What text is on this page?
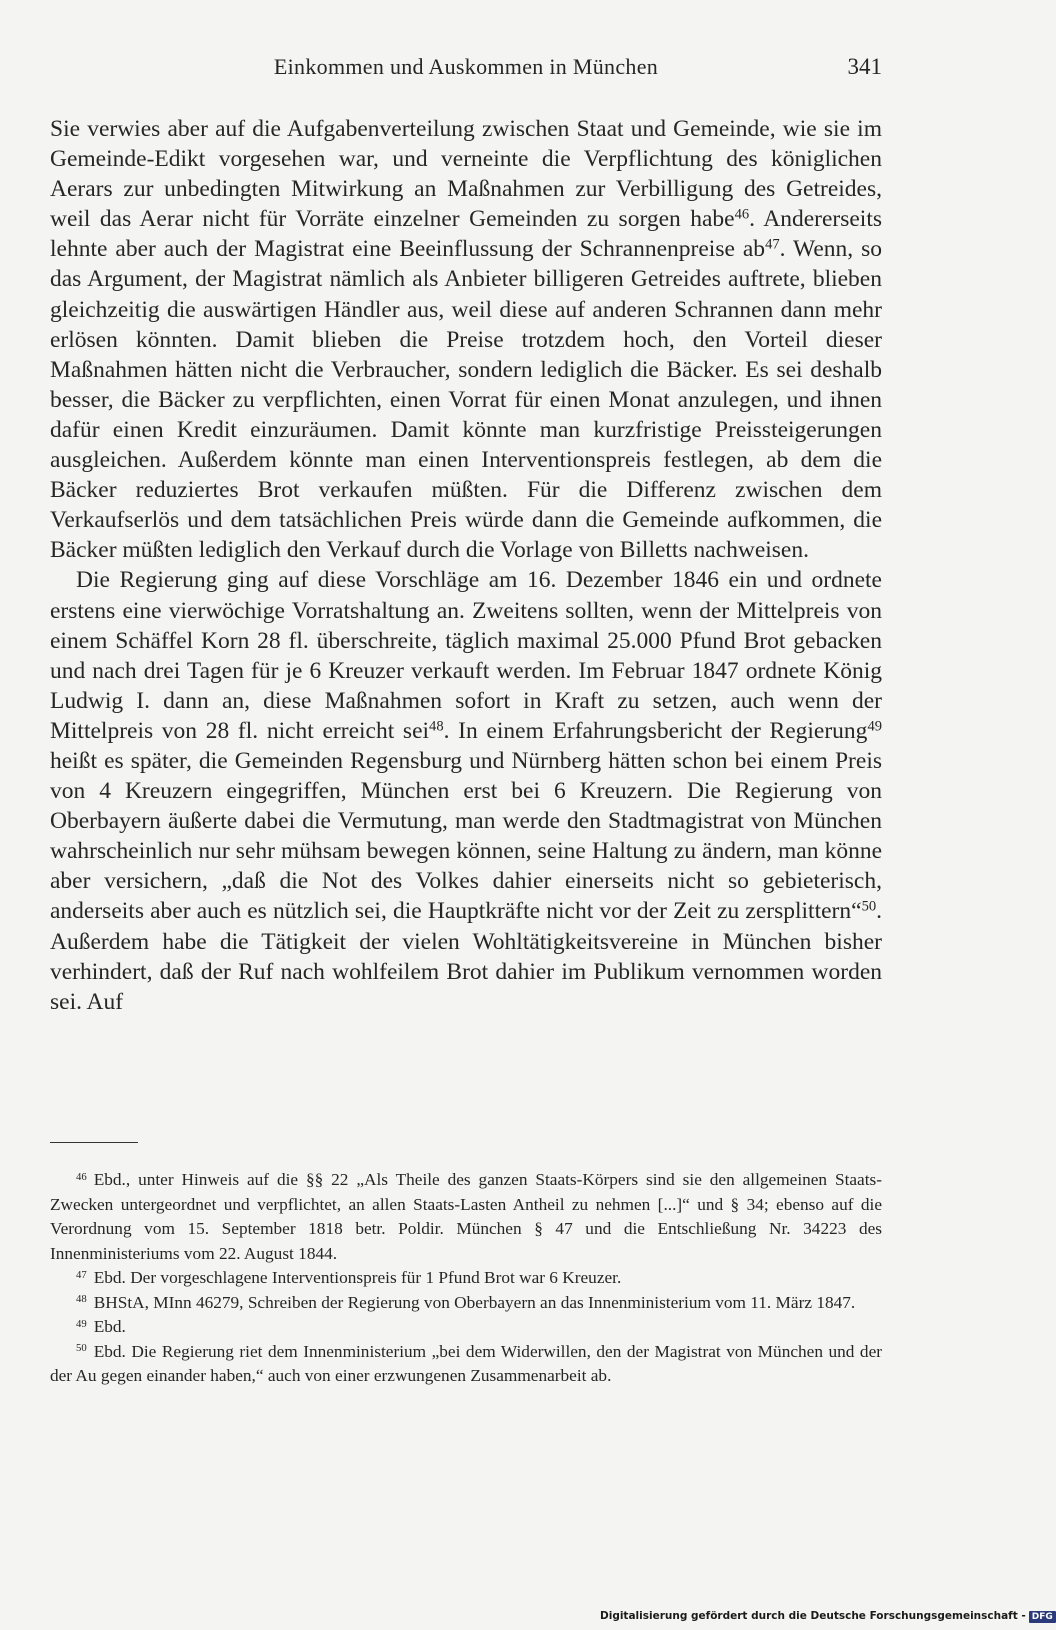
Einkommen und Auskommen in München	341

Sie verwies aber auf die Aufgabenverteilung zwischen Staat und Gemeinde, wie sie im Gemeinde-Edikt vorgesehen war, und verneinte die Verpflichtung des königlichen Aerars zur unbedingten Mitwirkung an Maßnahmen zur Verbilligung des Getreides, weil das Aerar nicht für Vorräte einzelner Gemeinden zu sorgen habe$^{46}$. Andererseits lehnte aber auch der Magistrat eine Beeinflussung der Schrannenpreise $ab^{47}$. Wenn, so das Argument, der Magistrat nämlich als Anbieter billigeren Getreides auftrete, blieben gleichzeitig die auswärtigen Händler aus, weil diese auf anderen Schrannen dann mehr erlösen könnten. Damit blieben die Preise trotzdem hoch, den Vorteil dieser Maßnahmen hätten nicht die Verbraucher, sondern lediglich die Bäcker. Es sei deshalb besser, die Bäcker zu verpflichten, einen Vorrat für einen Monat anzulegen, und ihnen dafür einen Kredit einzuräumen. Damit könnte man kurzfristige Preissteigerungen ausgleichen. Außerdem könnte man einen Interventionspreis festlegen, ab dem die Bäcker reduziertes Brot verkaufen müßten. Für die Differenz zwischen dem Verkaufserlös und dem tatsächlichen Preis würde dann die Gemeinde aufkommen, die Bäcker müßten lediglich den Verkauf durch die Vorlage von Billetts nachweisen.

Die Regierung ging auf diese Vorschläge am 16. Dezember 1846 ein und ordnete erstens eine vierwöchige Vorratshaltung an. Zweitens sollten, wenn der Mittelpreis von einem Schäffel Korn 28 fl. überschreite, täglich maximal 25.000 Pfund Brot gebacken und nach drei Tagen für je 6 Kreuzer verkauft werden. Im Februar 1847 ordnete König Ludwig I. dann an, diese Maßnahmen sofort in Kraft zu setzen, auch wenn der Mittelpreis von 28 fl. nicht erreicht sei$^{48}$. In einem Erfahrungsbericht der Regierung$^{49}$ heißt es später, die Gemeinden Regensburg und Nürnberg hätten schon bei einem Preis von 4 Kreuzern eingegriffen, München erst bei 6 Kreuzern. Die Regierung von Oberbayern äußerte dabei die Vermutung, man werde den Stadtmagistrat von München wahrscheinlich nur sehr mühsam bewegen können, seine Haltung zu ändern, man könne aber versichern, „daß die Not des Volkes dahier einerseits nicht so gebieterisch, anderseits aber auch es nützlich sei, die Hauptkräfte nicht vor der Zeit zu zersplittern“$^{50}$. Außerdem habe die Tätigkeit der vielen Wohltätigkeitsvereine in München bisher verhindert, daß der Ruf nach wohlfeilem Brot dahier im Publikum vernommen worden sei. Auf

$^{46}$ Ebd., unter Hinweis auf die §§ 22 „Als Theile des ganzen Staats-Körpers sind sie den allgemeinen Staats-Zwecken untergeordnet und verpflichtet, an allen Staats-Lasten Antheil zu nehmen [...]“ und § 34; ebenso auf die Verordnung vom 15. September 1818 betr. Poldir. München § 47 und die Entschließung Nr. 34223 des Innenministeriums vom 22. August 1844.

$^{47}$ Ebd. Der vorgeschlagene Interventionspreis für 1 Pfund Brot war 6 Kreuzer.

$^{48}$ BHStA, MInn 46279, Schreiben der Regierung von Oberbayern an das Innenministerium vom 11. März 1847.

$^{49}$ Ebd.

$^{50}$ Ebd. Die Regierung riet dem Innenministerium „bei dem Widerwillen, den der Magistrat von München und der der Au gegen einander haben,“ auch von einer erzwungenen Zusammenarbeit ab.

Digitalisierung gefördert durch die Deutsche Forschungsgemeinschaft - DFG
